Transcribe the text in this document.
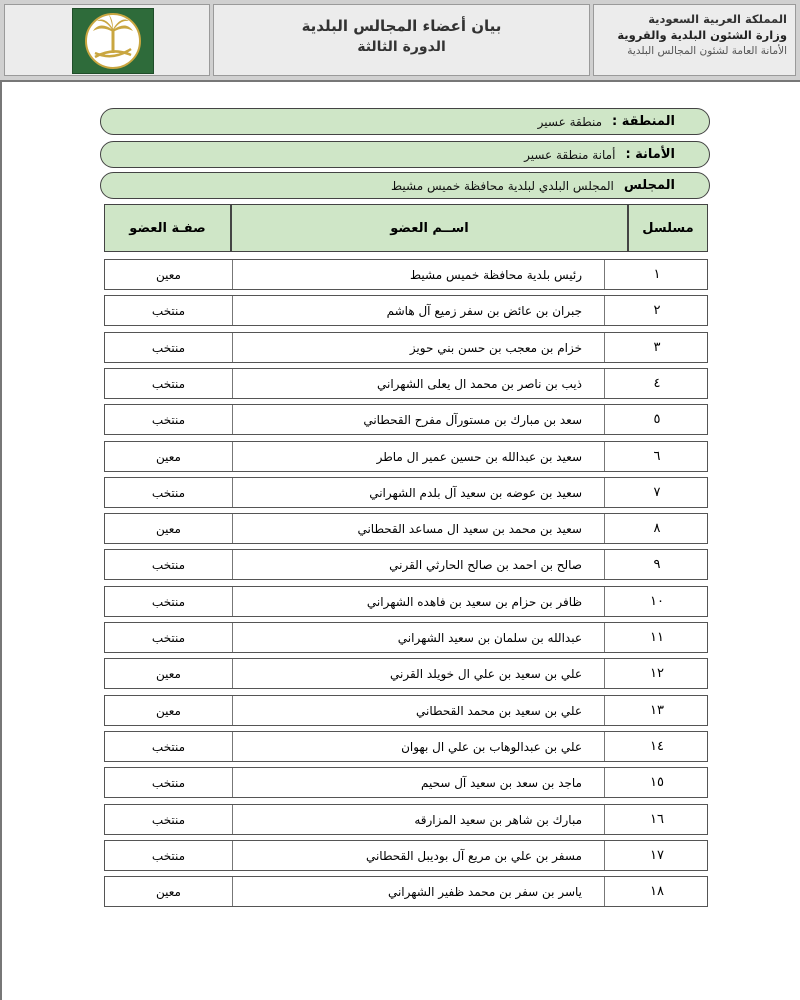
المملكة العربية السعودية
وزارة الشئون البلدية والقروية
الأمانة العامة لشئون المجالس البلدية
بيان أعضاء المجالس البلدية
الدورة الثالثة
المنطقة :
منطقة عسير
الأمانة :
أمانة منطقة عسير
المجلس
المجلس البلدي لبلدية محافظة خميس مشيط
مسلسل
اســم العضو
صفـة العضو
١
رئيس بلدية محافظة خميس مشيط
معين
٢
جبران بن عائض بن سفر زميع آل هاشم
منتخب
٣
خزام بن معجب بن حسن بني حويز
منتخب
٤
ذيب بن ناصر بن محمد ال يعلى الشهراني
منتخب
٥
سعد بن مبارك بن مستورآل مفرح القحطاني
منتخب
٦
سعيد بن عبدالله بن حسين عمير ال ماطر
معين
٧
سعيد بن عوضه بن سعيد آل بلدم الشهراني
منتخب
٨
سعيد بن محمد بن سعيد ال مساعد القحطاني
معين
٩
صالح بن احمد بن صالح الحارثي القرني
منتخب
١٠
ظافر بن حزام بن سعيد بن فاهده الشهراني
منتخب
١١
عبدالله بن سلمان بن سعيد الشهراني
منتخب
١٢
علي بن سعيد بن علي ال خويلد القرني
معين
١٣
علي بن سعيد بن محمد القحطاني
معين
١٤
علي بن عبدالوهاب بن علي ال بهوان
منتخب
١٥
ماجد بن سعد بن سعيد آل سحيم
منتخب
١٦
مبارك بن شاهر بن سعيد المزارقه
منتخب
١٧
مسفر بن علي بن مريع آل بوديبل القحطاني
منتخب
١٨
ياسر بن سفر بن محمد ظفير الشهراني
معين
